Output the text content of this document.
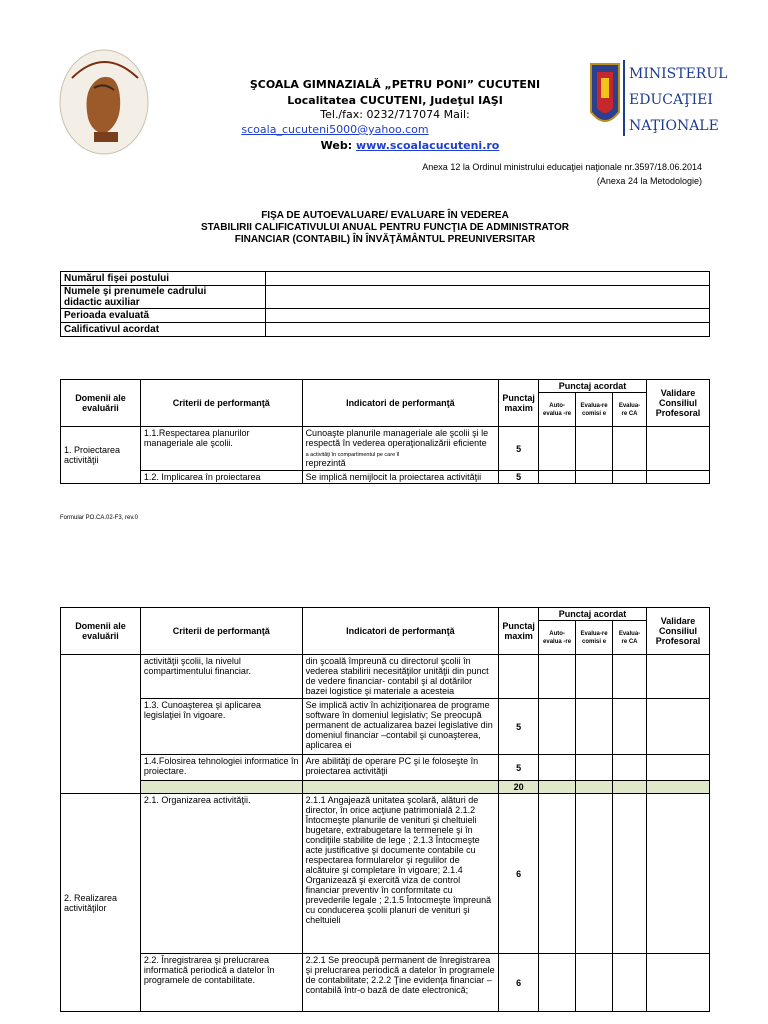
MINISTERUL
EDUCAŢIEI
NAŢIONALE
ŞCOALA GIMNAZIALĂ „PETRU PONI” CUCUTENI
Localitatea CUCUTENI, Judeţul IAŞI
Tel./fax: 0232/717074 Mail:
scoala_cucuteni5000@yahoo.com
Web: www.scoalacucuteni.ro
Anexa 12 la Ordinul ministrului educaţiei naţionale nr.3597/18.06.2014
(Anexa 24 la Metodologie)
FIŞA DE AUTOEVALUARE/ EVALUARE ÎN VEDEREA
STABILIRII CALIFICATIVULUI ANUAL PENTRU FUNCŢIA DE ADMINISTRATOR
FINANCIAR (CONTABIL) ÎN ÎNVĂŢĂMÂNTUL PREUNIVERSITAR
Numărul fişei postului	
Numele şi prenumele cadrului
didactic auxiliar	
Perioada evaluată	
Calificativul acordat	
Domenii ale evaluării	Criterii de performanţă	Indicatori de performanţă	Punctaj maxim	Punctaj acordat			Validare Consiliul Profesoral
				Auto-evalua -re	Evalua-re comisi e	Evalua-re CA	
1. Proiectarea activităţii	1.1.Respectarea planurilor manageriale ale şcolii.	Cunoaşte planurile manageriale ale şcolii şi le respectă în vederea operaţionalizării eficiente
a activităţi în compartimentul pe care îl
reprezintă	5				
	1.2. Implicarea în proiectarea	Se implică nemijlocit la proiectarea activităţii	5				
Formular PO.CA.02-F3, rev.0
Domenii ale evaluării	Criterii de performanţă	Indicatori de performanţă	Punctaj maxim	Punctaj acordat			Validare Consiliul Profesoral
				Auto-evalua -re	Evalua-re comisi e	Evalua-re CA	
	activităţii şcolii, la nivelul compartimentului financiar.	din şcoală împreună cu directorul şcolii în vederea stabilirii necesităţilor unităţii din punct de vedere financiar- contabil şi al dotărilor bazei logistice şi materiale a acesteia					
	1.3. Cunoaşterea şi aplicarea legislaţiei în vigoare.	Se implică activ în achiziţionarea de programe software în domeniul legislativ; Se preocupă permanent de actualizarea bazei legislative din domeniul financiar –contabil şi cunoaşterea, aplicarea ei	5				
	1.4.Folosirea tehnologiei informatice în proiectare.	Are abilităţi de operare PC şi le foloseşte în proiectarea activităţii	5				
			20				
2. Realizarea activităţilor	2.1. Organizarea activităţii.	2.1.1 Angajează unitatea şcolară, alături de director, în orice acţiune patrimonială 2.1.2 Întocmeşte planurile de venituri şi cheltuieli bugetare, extrabugetare la termenele şi în condiţiile stabilite de lege ; 2.1.3 Întocmeşte acte justificative şi documente contabile cu respectarea formularelor şi regulilor de alcătuire şi completare în vigoare; 2.1.4 Organizează şi exercită viza de control financiar preventiv în conformitate cu prevederile legale ; 2.1.5 Întocmeşte împreună cu conducerea şcolii planuri de venituri şi cheltuieli	6				
	2.2. Înregistrarea şi prelucrarea informatică periodică a datelor în programele de contabilitate.	2.2.1 Se preocupă permanent de înregistrarea şi prelucrarea periodică a datelor în programele de contabilitate; 2.2.2 Ţine evidenţa financiar –contabilă într-o bază de date electronică;	6				
